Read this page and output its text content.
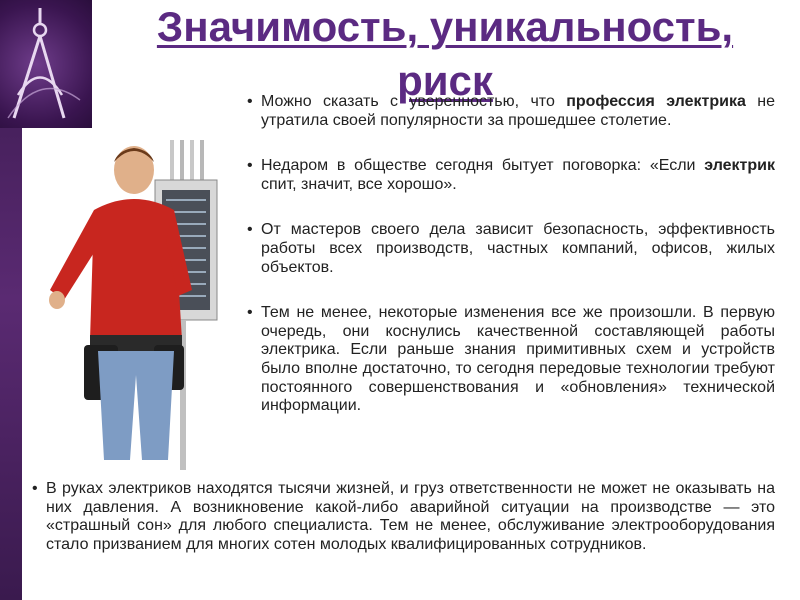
Значимость, уникальность,
риск
• Можно сказать с уверенностью, что профессия электрика не утратила своей популярности за прошедшее столетие.
• Недаром в обществе сегодня бытует поговорка: «Если электрик спит, значит, все хорошо».
• От мастеров своего дела зависит безопасность, эффективность работы всех производств, частных компаний, офисов, жилых объектов.
• Тем не менее, некоторые изменения все же произошли. В первую очередь, они коснулись качественной составляющей работы электрика. Если раньше знания примитивных схем и устройств было вполне достаточно, то сегодня передовые технологии требуют постоянного совершенствования и «обновления» технической информации.
• В руках электриков находятся тысячи жизней, и груз ответственности не может не оказывать на них давления. А возникновение какой-либо аварийной ситуации на производстве — это «страшный сон» для любого специалиста. Тем не менее, обслуживание электрооборудования стало призванием для многих сотен молодых квалифицированных сотрудников.
